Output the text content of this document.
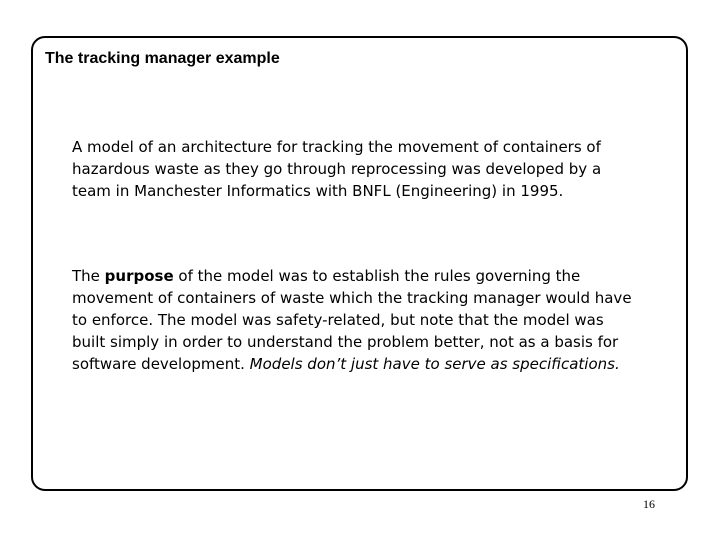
The tracking manager example
A model of an architecture for tracking the movement of containers of hazardous waste as they go through reprocessing was developed by a team in Manchester Informatics with BNFL (Engineering) in 1995.
The purpose of the model was to establish the rules governing the movement of containers of waste which the tracking manager would have to enforce. The model was safety-related, but note that the model was built simply in order to understand the problem better, not as a basis for software development. Models don’t just have to serve as specifications.
16
